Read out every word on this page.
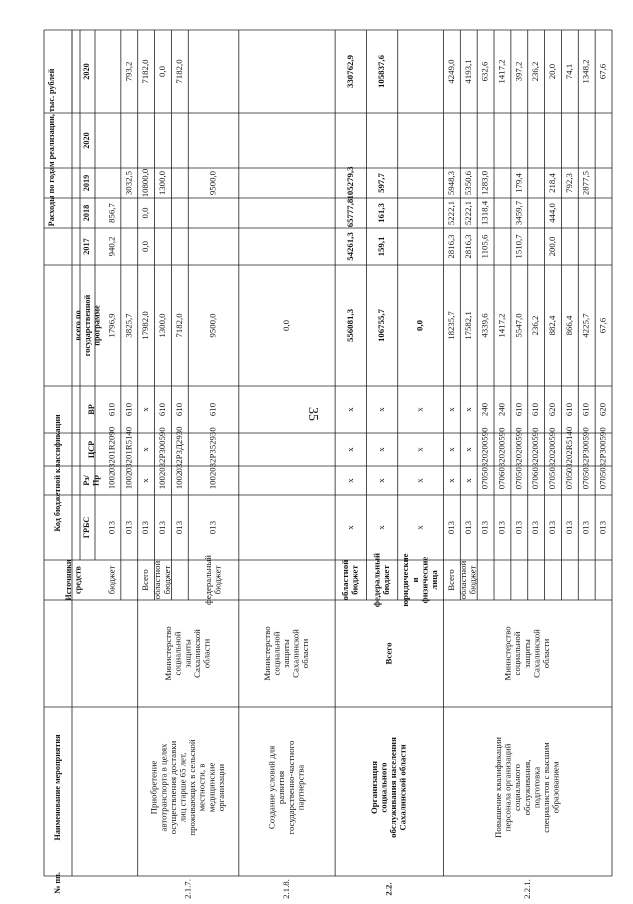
35
№ пп.
Наименование мероприятия
Источники средств
Код бюджетной классификации ГРБС
Рз/ Пр
ЦСР
ВР
Расходы по годам реализации, тыс. рублей
всего по государственной программе
2017
2018
2019
2020
2020
бюджет
013
1002
03201R2090
610
1796,9
940,2
856,7
013
1002
03201R5140
610
3825,7
3032,5
793,2
2.1.7.
Приобретение автотранспорта в целях осуществления доставки лиц старше 65 лет, проживающих в сельской местности, в медицинские организации
Министерство социальной защиты Сахалинской области
Всего
013
x
x
x
17982,0
0,0
0,0
10800,0
7182,0
областной бюджет
013
1002
032P300590
610
1300,0
1300,0
0,0
013
1002
032P3Д2930
610
7182,0
7182,0
федеральный бюджет
013
1002
032P352930
610
9500,0
9500,0
2.1.8.
Создание условий для развития государственно-частного партнерства
Министерство социальной защиты Сахалинской области
0,0
2.2.
Организация социального обслуживания населения Сахалинской области
Всего
областной бюджет
x
x
x
x
556081,3
54261,3
65777,8
105279,3
330762,9
федеральный бюджет
x
x
x
x
106755,7
159,1
161,3
597,7
105837,6
юридические и физические лица
x
x
x
x
0,0
2.2.1.
Повышение квалификации персонала организаций социального обслуживания, подготовка специалистов с высшим образованием
Министерство социальной защиты Сахалинской области
Всего
013
x
x
x
18235,7
2816,3
5222,1
5948,3
4249,0
областной бюджет
013
x
x
x
17582,1
2816,3
5222,1
5350,6
4193,1
013
0705
0320200590
240
4339,6
1105,6
1318,4
1283,0
632,6
013
0706
0320200590
240
1417,2
1417,2
013
0705
0320200590
610
5547,0
1510,7
3459,7
179,4
397,2
013
0706
0320200590
610
236,2
236,2
013
0705
0320200590
620
882,4
200,0
444,0
218,4
20,0
013
0705
03202R5140
610
866,4
792,3
74,1
013
0705
032P300590
610
4225,7
2877,5
1348,2
013
0705
032P300590
620
67,6
67,6
